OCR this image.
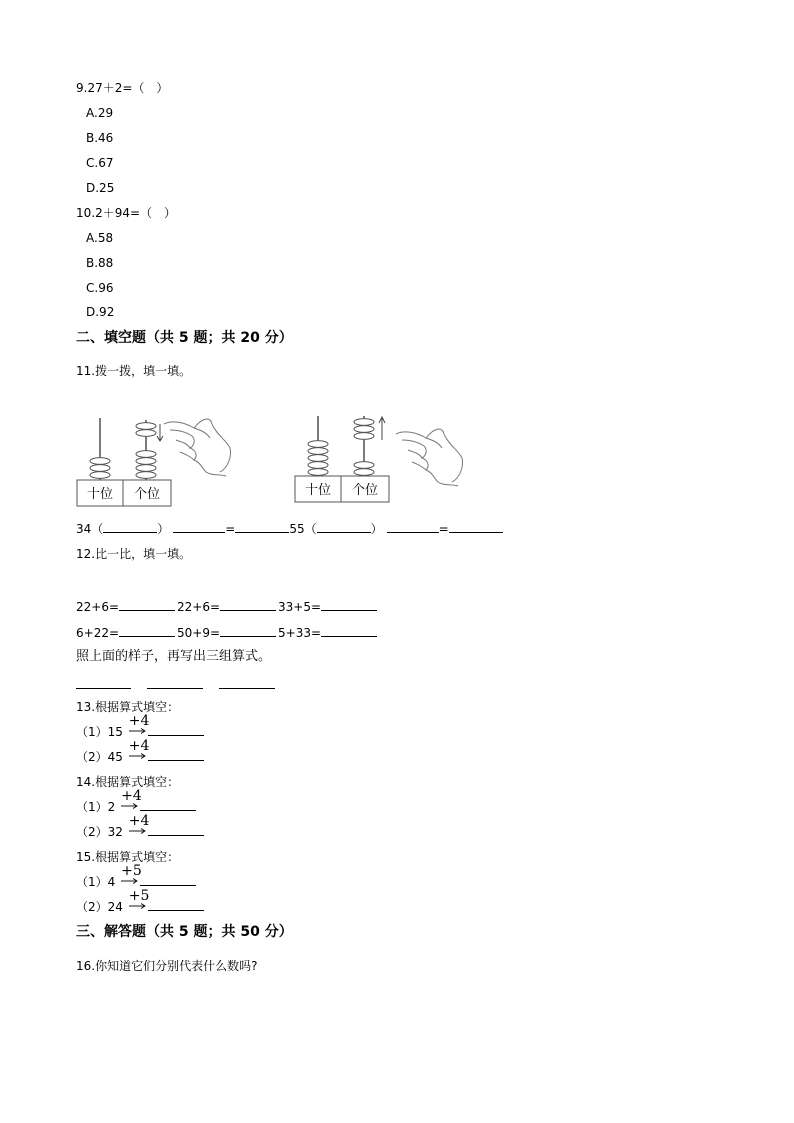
9.27＋2=（　）
A.29
B.46
C.67
D.25
10.2＋94=（　）
A.58
B.88
C.96
D.92
二、填空题（共 5 题；共 20 分）
11.拨一拨，填一填。
十位 个位	十位 个位
34（	）	=	55（	）	=
12.比一比，填一填。
22+6=	22+6=	33+5=
6+22=	50+9=	5+33=
照上面的样子，再写出三组算式。
13.根据算式填空：
（1）15
+4
（2）45
+4
14.根据算式填空：
（1）2
+4
（2）32
+4
15.根据算式填空：
（1）4
+5
（2）24
+5
三、解答题（共 5 题；共 50 分）
16.你知道它们分别代表什么数吗?
